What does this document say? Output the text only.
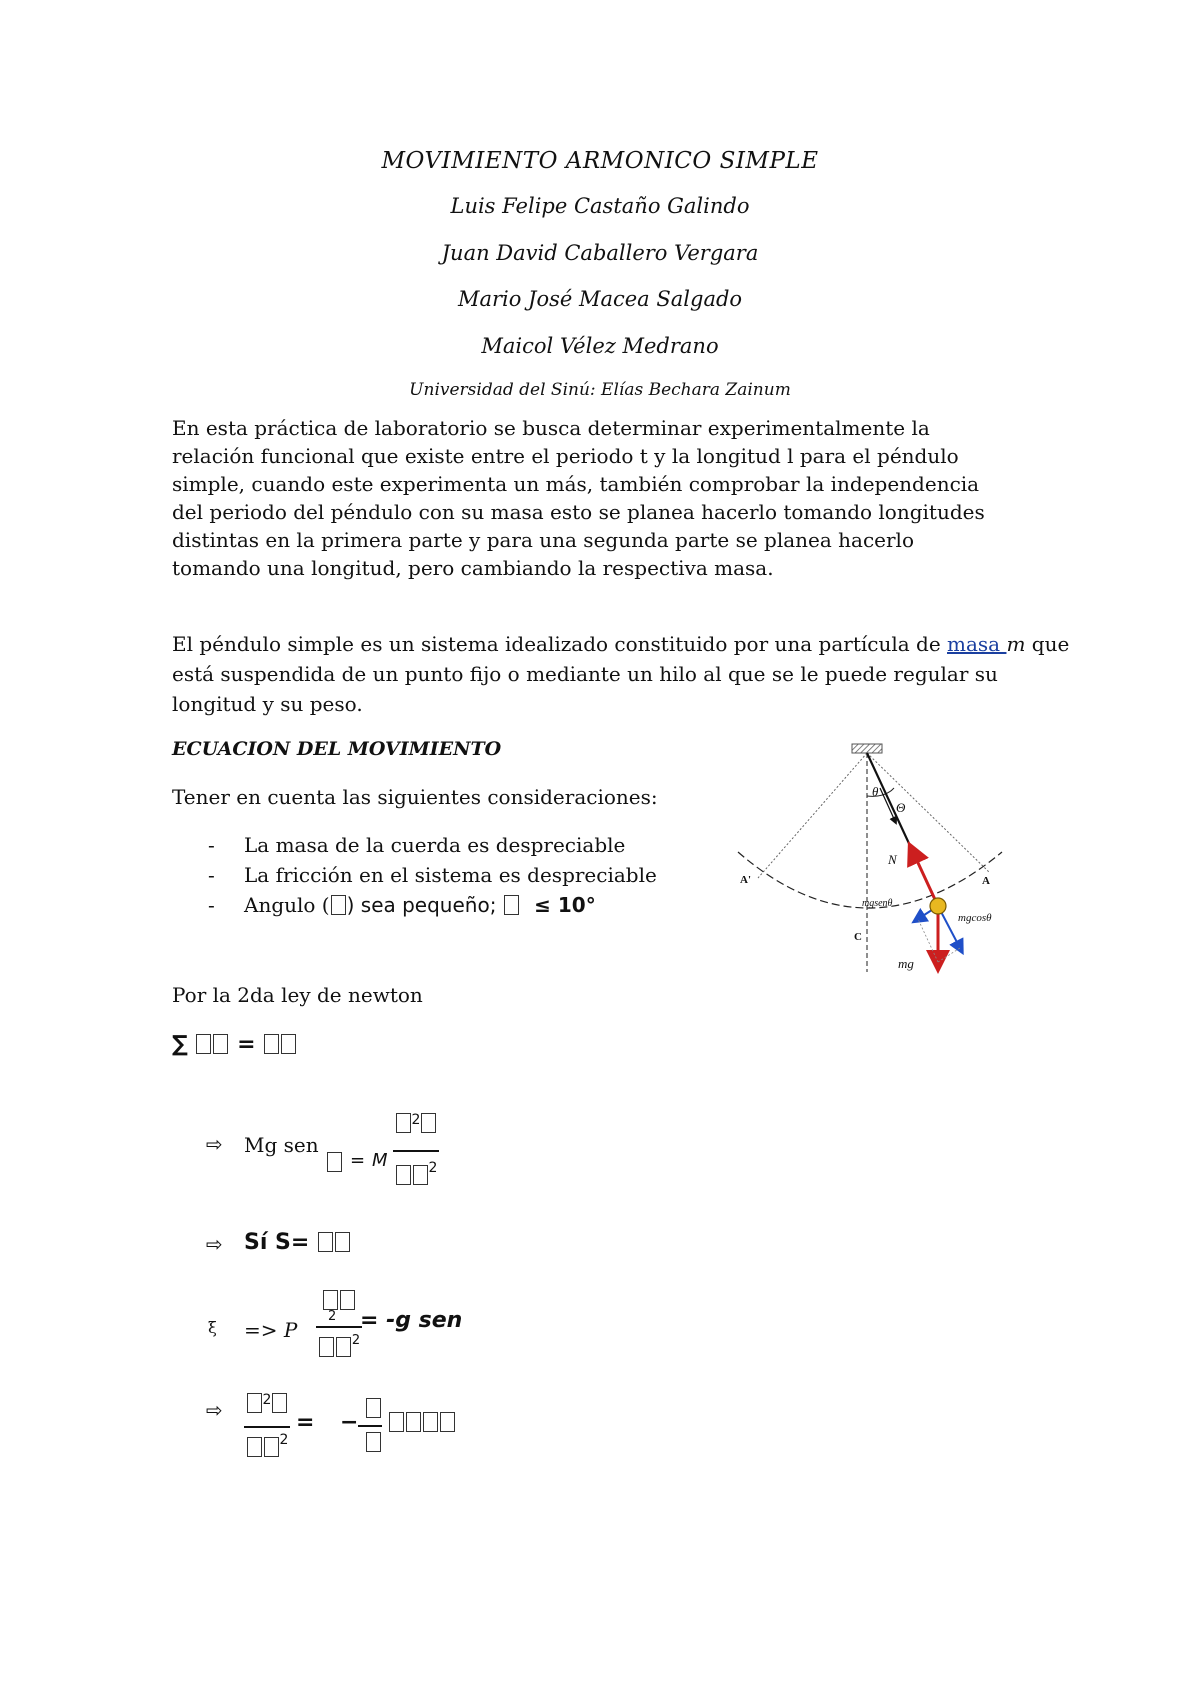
MOVIMIENTO ARMONICO SIMPLE
Luis Felipe Castaño Galindo
Juan David Caballero Vergara
Mario José Macea Salgado
Maicol Vélez Medrano
Universidad del Sinú: Elías Bechara Zainum

En esta práctica de laboratorio se busca determinar experimentalmente la

relación funcional que existe entre el periodo t y la longitud l para el péndulo

simple, cuando este experimenta un más, también comprobar la independencia

del periodo del péndulo con su masa esto se planea hacerlo tomando longitudes

distintas en la primera parte y para una segunda parte se planea hacerlo

tomando una longitud, pero cambiando la respectiva masa.

El péndulo simple es un sistema idealizado constituido por una partícula de masa m que

está suspendida de un punto fijo o mediante un hilo al que se le puede regular su

longitud y su peso.

ECUACION DEL MOVIMIENTO
Tener en cuenta las siguientes consideraciones:
-	La masa de la cuerda es despreciable
-	La fricción en el sistema es despreciable
-	Angulo ( ) sea pequeño;  ≤ 10°
Por la 2da ley de newton
∑ =
⇨ Mg sen
= M
2
2
⇨ Sí S=
ξ => P
2
$^2$
= -g sen
⇨	2
2
= −
θ
Θ
N
A'	A
C
mgsenθ
mgcosθ
mg
